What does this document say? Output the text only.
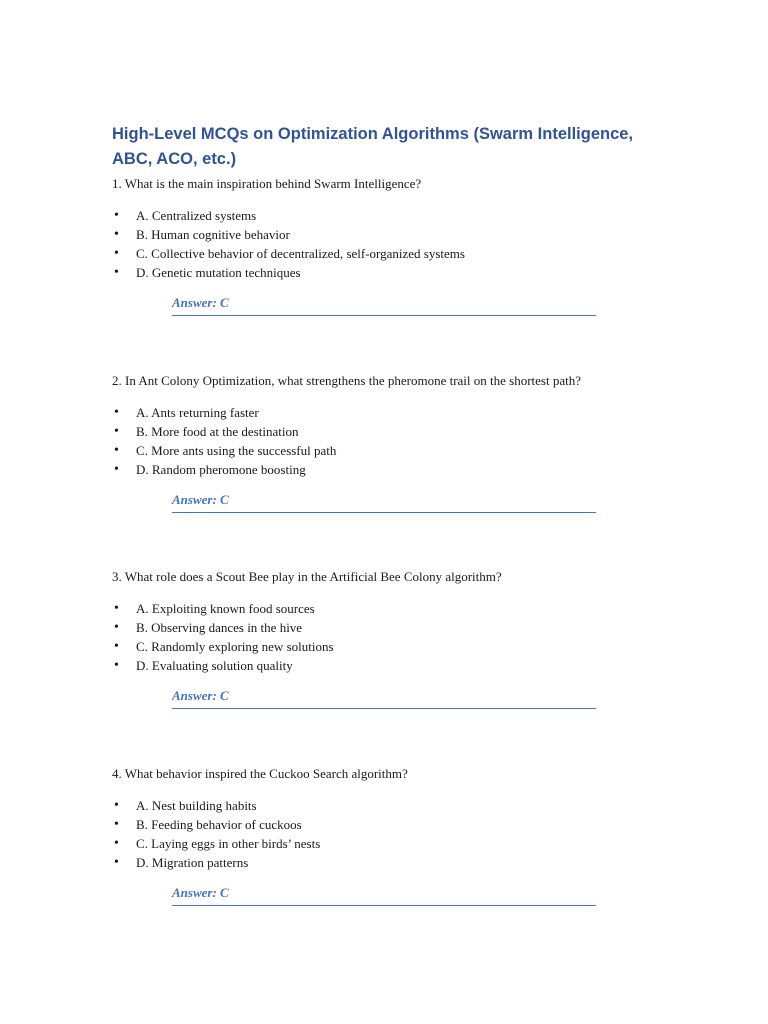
High-Level MCQs on Optimization Algorithms (Swarm Intelligence, ABC, ACO, etc.)

1. What is the main inspiration behind Swarm Intelligence?

• A. Centralized systems
• B. Human cognitive behavior
• C. Collective behavior of decentralized, self-organized systems
• D. Genetic mutation techniques
Answer: C

2. In Ant Colony Optimization, what strengthens the pheromone trail on the shortest path?

• A. Ants returning faster
• B. More food at the destination
• C. More ants using the successful path
• D. Random pheromone boosting
Answer: C

3. What role does a Scout Bee play in the Artificial Bee Colony algorithm?

• A. Exploiting known food sources
• B. Observing dances in the hive
• C. Randomly exploring new solutions
• D. Evaluating solution quality
Answer: C

4. What behavior inspired the Cuckoo Search algorithm?

• A. Nest building habits
• B. Feeding behavior of cuckoos
• C. Laying eggs in other birds’ nests
• D. Migration patterns
Answer: C
